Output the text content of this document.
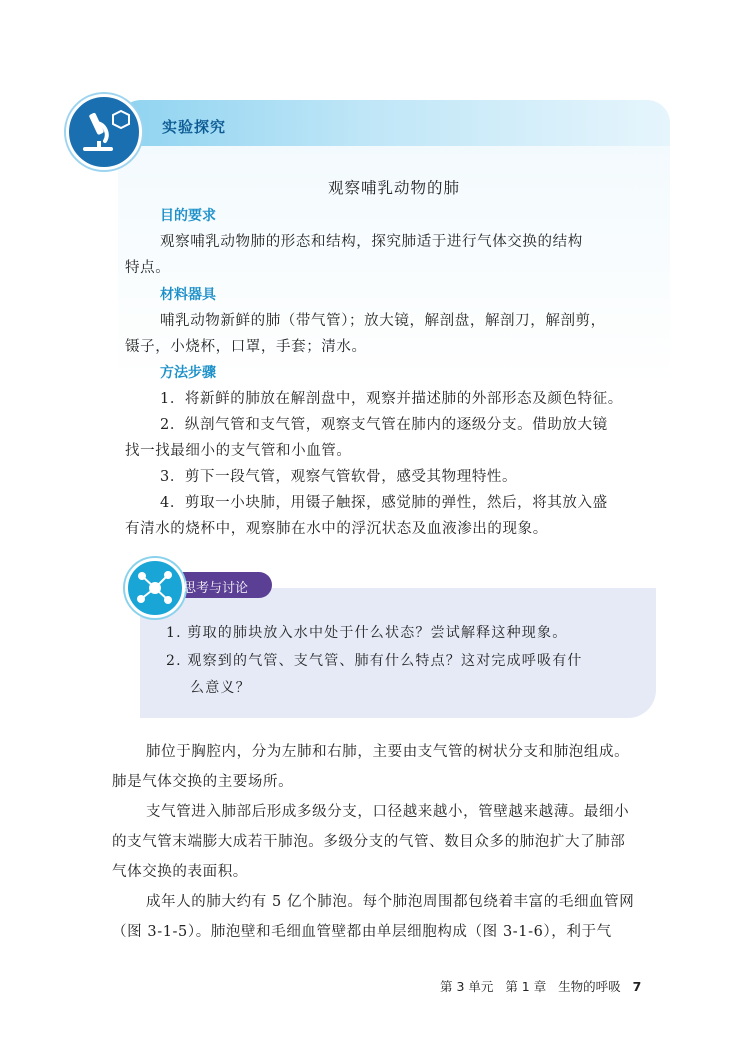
实验探究
观察哺乳动物的肺
目的要求
观察哺乳动物肺的形态和结构，探究肺适于进行气体交换的结构
特点。
材料器具
哺乳动物新鲜的肺（带气管）；放大镜，解剖盘，解剖刀，解剖剪，
镊子，小烧杯，口罩，手套；清水。
方法步骤
1．将新鲜的肺放在解剖盘中，观察并描述肺的外部形态及颜色特征。
2．纵剖气管和支气管，观察支气管在肺内的逐级分支。借助放大镜
找一找最细小的支气管和小血管。
3．剪下一段气管，观察气管软骨，感受其物理特性。
4．剪取一小块肺，用镊子触探，感觉肺的弹性，然后，将其放入盛
有清水的烧杯中，观察肺在水中的浮沉状态及血液渗出的现象。
思考与讨论
1. 剪取的肺块放入水中处于什么状态？尝试解释这种现象。
2. 观察到的气管、支气管、肺有什么特点？这对完成呼吸有什
么意义？
肺位于胸腔内，分为左肺和右肺，主要由支气管的树状分支和肺泡组成。
肺是气体交换的主要场所。
支气管进入肺部后形成多级分支，口径越来越小，管壁越来越薄。最细小
的支气管末端膨大成若干肺泡。多级分支的气管、数目众多的肺泡扩大了肺部
气体交换的表面积。
成年人的肺大约有 5 亿个肺泡。每个肺泡周围都包绕着丰富的毛细血管网
（图 3-1-5）。肺泡壁和毛细血管壁都由单层细胞构成（图 3-1-6），利于气
第 3 单元 第 1 章 生物的呼吸 7
